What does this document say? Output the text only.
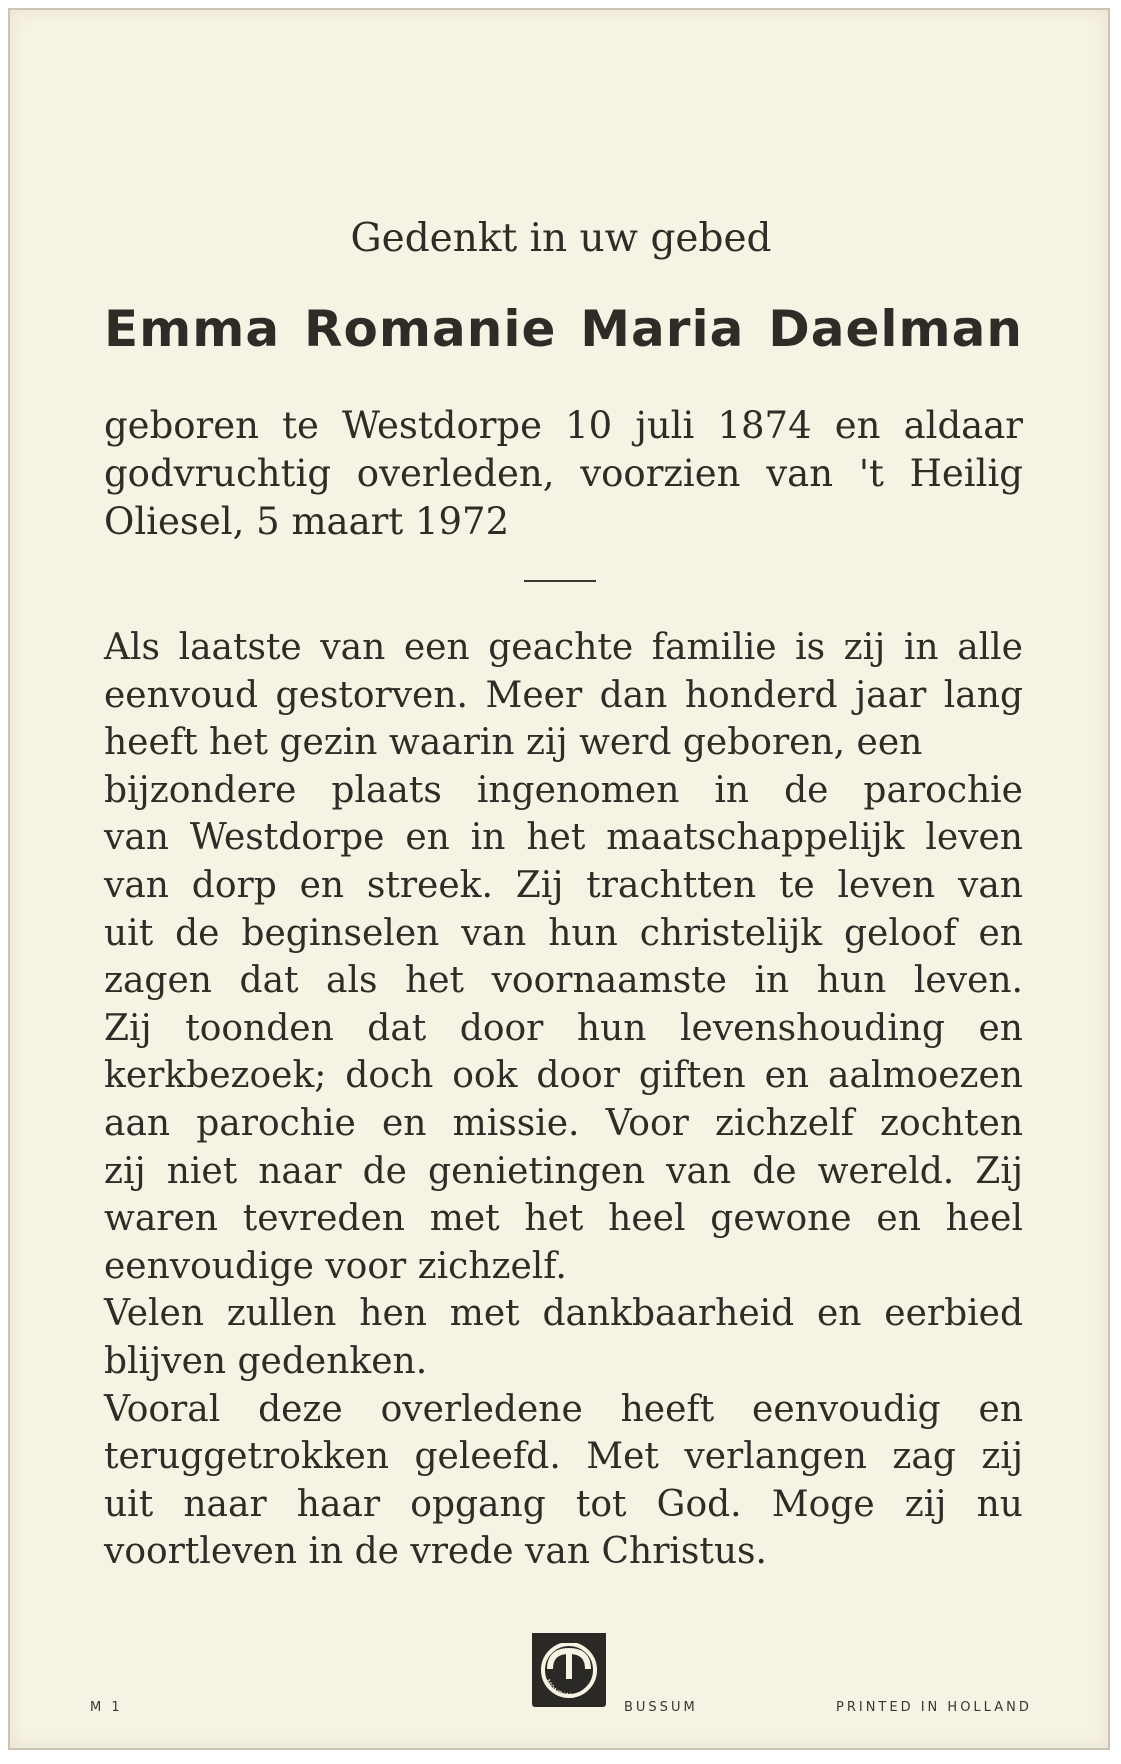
Gedenkt in uw gebed
Emma Romanie Maria Daelman
geboren te Westdorpe 10 juli 1874 en aldaar
godvruchtig overleden, voorzien van 't Heilig
Oliesel, 5 maart 1972
Als laatste van een geachte familie is zij in alle
eenvoud gestorven. Meer dan honderd jaar lang
heeft het gezin waarin zij werd geboren, een
bijzondere plaats ingenomen in de parochie
van Westdorpe en in het maatschappelijk leven
van dorp en streek. Zij trachtten te leven van
uit de beginselen van hun christelijk geloof en
zagen dat als het voornaamste in hun leven.
Zij toonden dat door hun levenshouding en
kerkbezoek; doch ook door giften en aalmoezen
aan parochie en missie. Voor zichzelf zochten
zij niet naar de genietingen van de wereld. Zij
waren tevreden met het heel gewone en heel
eenvoudige voor zichzelf.
Velen zullen hen met dankbaarheid en eerbied
blijven gedenken.
Vooral deze overledene heeft eenvoudig en
teruggetrokken geleefd. Met verlangen zag zij
uit naar haar opgang tot God. Moge zij nu
voortleven in de vrede van Christus.
MONDIAL
M 1	BUSSUM	PRINTED IN HOLLAND
